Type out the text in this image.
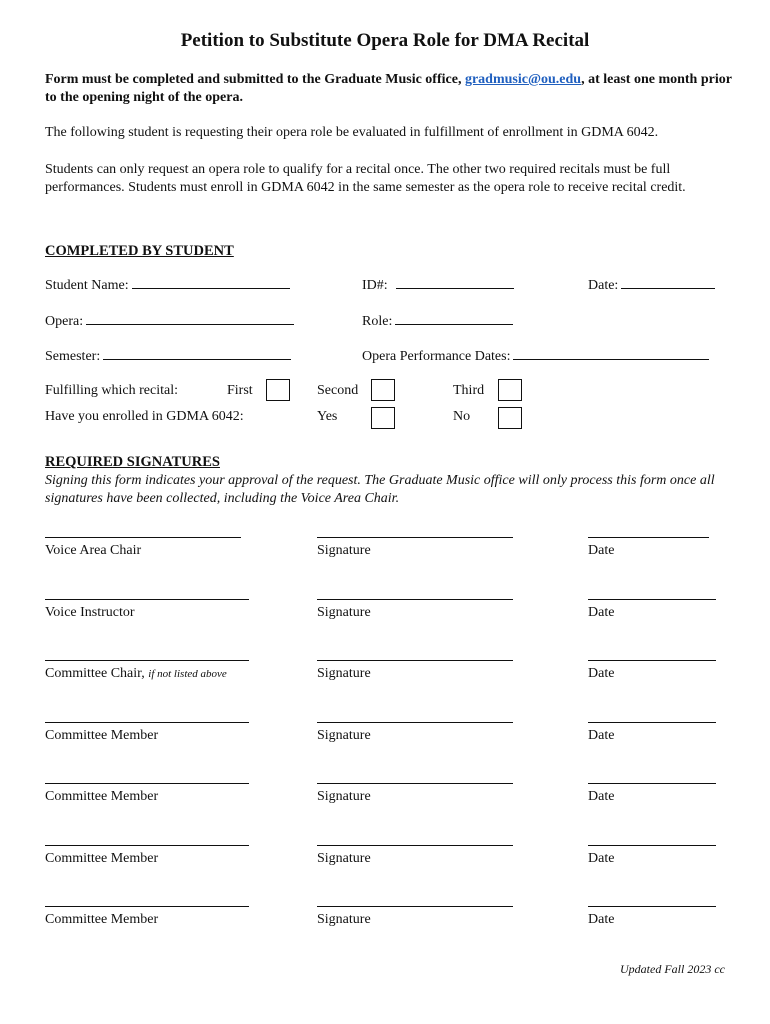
Petition to Substitute Opera Role for DMA Recital
Form must be completed and submitted to the Graduate Music office, gradmusic@ou.edu, at least one month prior to the opening night of the opera.
The following student is requesting their opera role be evaluated in fulfillment of enrollment in GDMA 6042.
Students can only request an opera role to qualify for a recital once. The other two required recitals must be full performances. Students must enroll in GDMA 6042 in the same semester as the opera role to receive recital credit.
COMPLETED BY STUDENT
Student Name:	ID#:	Date:
Opera:	Role:
Semester:	Opera Performance Dates:
Fulfilling which recital:	First	Second	Third
Have you enrolled in GDMA 6042:	Yes	No
REQUIRED SIGNATURES
Signing this form indicates your approval of the request. The Graduate Music office will only process this form once all signatures have been collected, including the Voice Area Chair.
Voice Area Chair	Signature	Date
Voice Instructor	Signature	Date
Committee Chair, if not listed above	Signature	Date
Committee Member	Signature	Date
Committee Member	Signature	Date
Committee Member	Signature	Date
Committee Member	Signature	Date
Updated Fall 2023 cc
